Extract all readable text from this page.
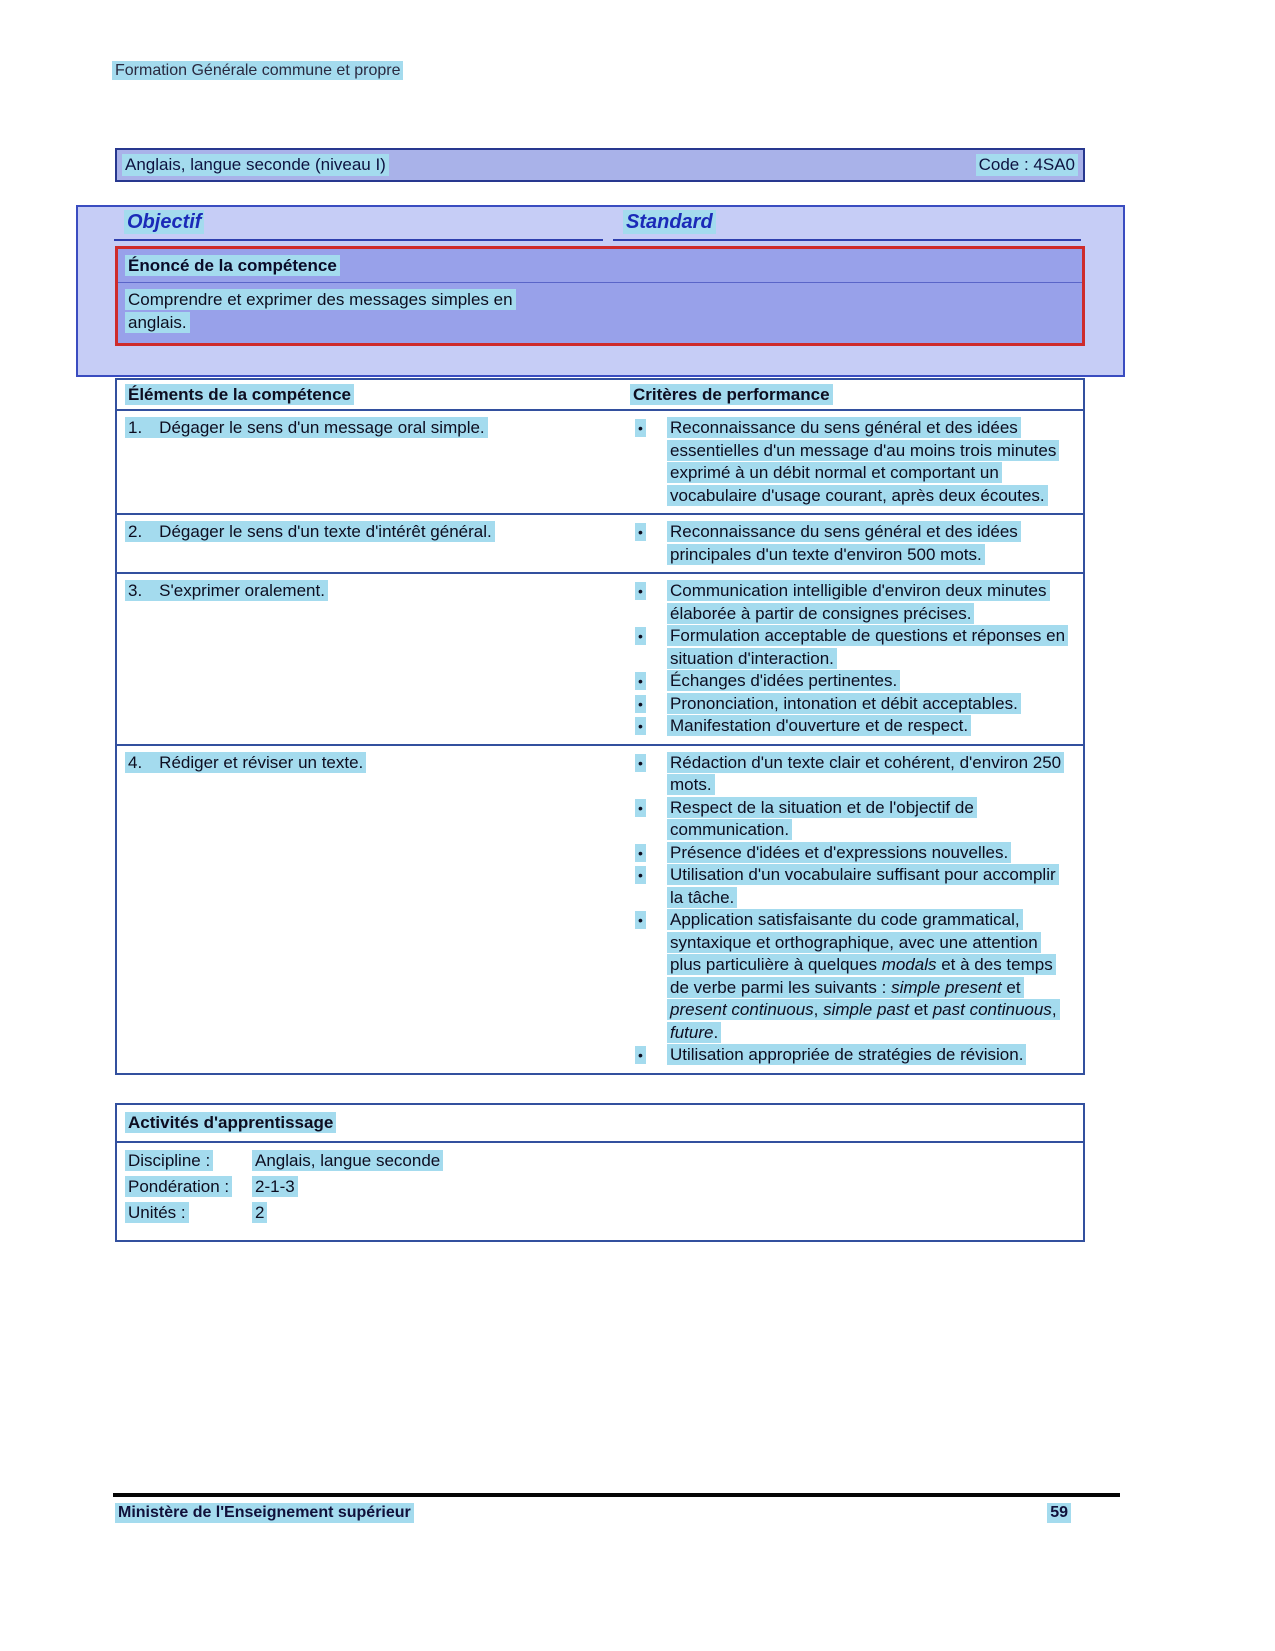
Formation Générale commune et propre
Anglais, langue seconde (niveau I)	Code : 4SA0
Objectif	Standard
Énoncé de la compétence
Comprendre et exprimer des messages simples en anglais.
Éléments de la compétence	Critères de performance
1. Dégager le sens d'un message oral simple.	• Reconnaissance du sens général et des idées essentielles d'un message d'au moins trois minutes exprimé à un débit normal et comportant un vocabulaire d'usage courant, après deux écoutes.

2. Dégager le sens d'un texte d'intérêt général.	• Reconnaissance du sens général et des idées principales d'un texte d'environ 500 mots.

3. S'exprimer oralement.	• Communication intelligible d'environ deux minutes élaborée à partir de consignes précises.
• Formulation acceptable de questions et réponses en situation d'interaction.
• Échanges d'idées pertinentes.
• Prononciation, intonation et débit acceptables.
• Manifestation d'ouverture et de respect.

4. Rédiger et réviser un texte.	• Rédaction d'un texte clair et cohérent, d'environ 250 mots.
• Respect de la situation et de l'objectif de communication.
• Présence d'idées et d'expressions nouvelles.
• Utilisation d'un vocabulaire suffisant pour accomplir la tâche.
• Application satisfaisante du code grammatical, syntaxique et orthographique, avec une attention plus particulière à quelques modals et à des temps de verbe parmi les suivants : simple present et present continuous, simple past et past continuous, future.
• Utilisation appropriée de stratégies de révision.
Activités d'apprentissage
Discipline :	Anglais, langue seconde
Pondération :	2-1-3
Unités :	2
Ministère de l'Enseignement supérieur	59
